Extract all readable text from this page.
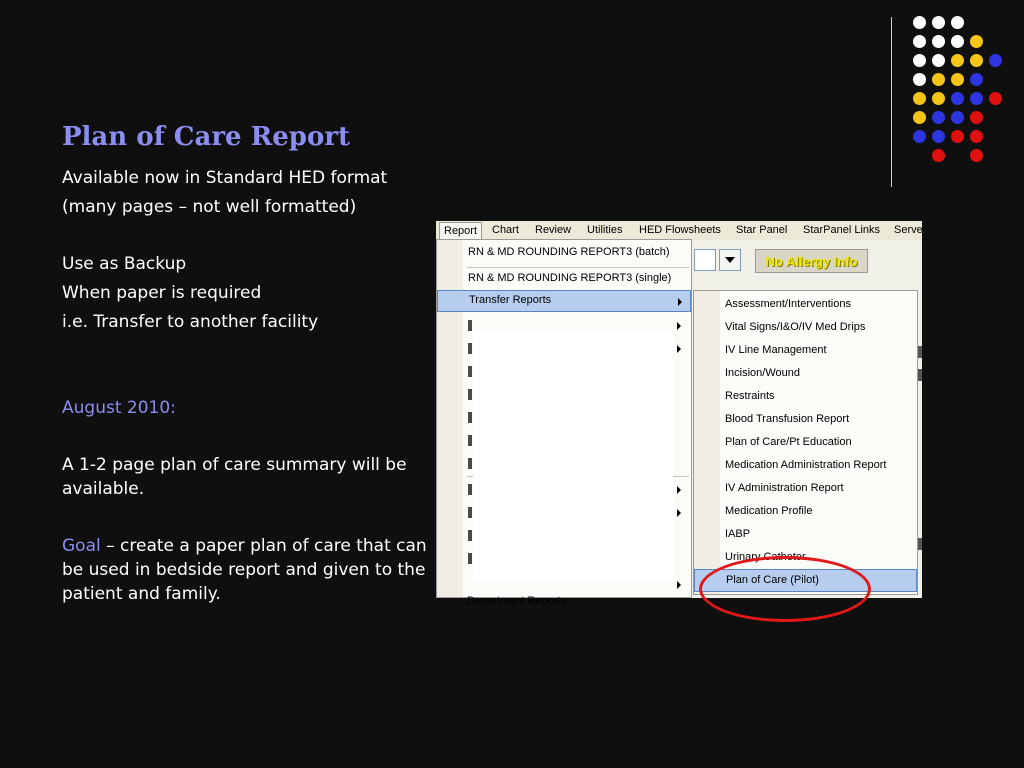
Plan of Care Report
Available now in Standard HED format
(many pages – not well formatted)
Use as Backup
When paper is required
i.e. Transfer to another facility
August 2010:
A 1-2 page plan of care summary will be available.
Goal – create a paper plan of care that can be used in bedside report and given to the patient and family.
Report	Chart Review Utilities HED Flowsheets Star Panel StarPanel Links Serve
No Allergy Info
RN & MD ROUNDING REPORT3 (batch)
RN & MD ROUNDING REPORT3 (single)
Transfer Reports
Department Reports
Assessment/Interventions
Vital Signs/I&O/IV Med Drips
IV Line Management
Incision/Wound
Restraints
Blood Transfusion Report
Plan of Care/Pt Education
Medication Administration Report
IV Administration Report
Medication Profile
IABP
Urinary Catheter
Plan of Care (Pilot)
